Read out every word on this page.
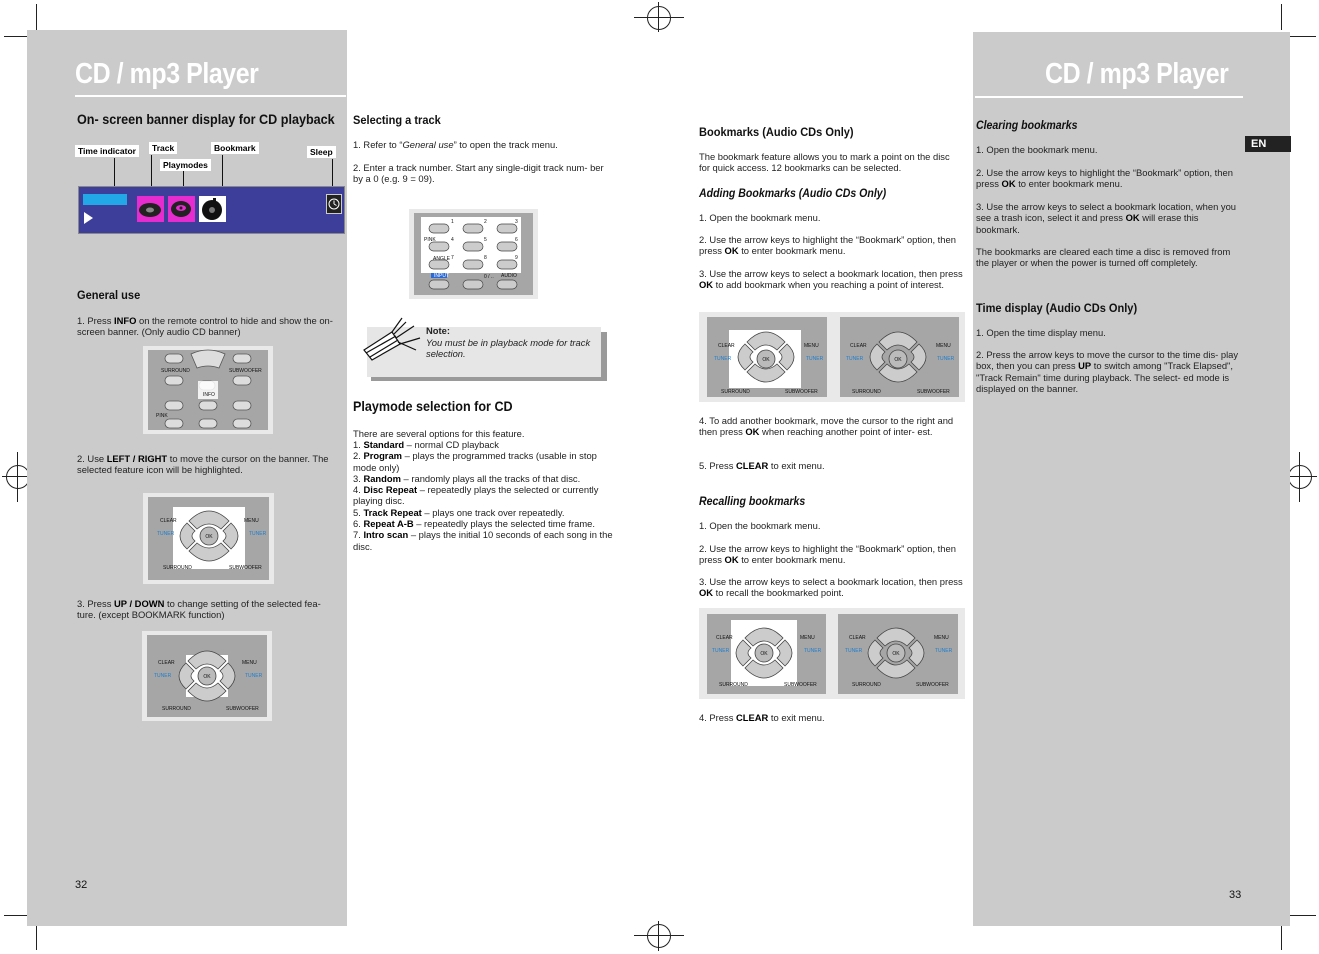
CD / mp3 Player	CD / mp3 Player
On- screen banner display for CD playback
Time indicator	Track
Playmodes
Bookmark	Sleep
General use
1. Press INFO on the remote control to hide and show the on- screen banner. (Only audio CD banner)
SURROUND	SUBWOOFER
INFO
PINK
2. Use LEFT / RIGHT to move the cursor on the banner. The selected feature icon will be highlighted.
OK
CLEAR	MENU
TUNER	TUNER
SURROUND	SUBWOOFER
3. Press UP / DOWN to change setting of the selected fea- ture. (except BOOKMARK function)
OK
CLEAR	MENU
TUNER	TUNER
SURROUND	SUBWOOFER
32
Selecting a track
1. Refer to “General use” to open the track menu.
2. Enter a track number. Start any single-digit track num- ber by a 0 (e.g. 9 = 09).
1	2	3
4	5	6
7	8	9
0 / ..
PINK
ANGLE
INPUT	AUDIO
Note:
You must be in playback mode for track selection.
Playmode selection for CD
There are several options for this feature.
1. Standard – normal CD playback
2. Program – plays the programmed tracks (usable in stop mode only)
3. Random – randomly plays all the tracks of that disc.
4. Disc Repeat – repeatedly plays the selected or currently playing disc.
5. Track Repeat – plays one track over repeatedly.
6. Repeat A-B – repeatedly plays the selected time frame.
7. Intro scan – plays the initial 10 seconds of each song in the disc.
Bookmarks (Audio CDs Only)
The bookmark feature allows you to mark a point on the disc for quick access. 12 bookmarks can be selected.
Adding Bookmarks (Audio CDs Only)
1. Open the bookmark menu.
2. Use the arrow keys to highlight the “Bookmark” option, then press OK to enter bookmark menu.
3. Use the arrow keys to select a bookmark location, then press OK to add bookmark when you reaching a point of interest.
OK	OK
CLEAR	MENU
TUNER	TUNER
SURROUND	SUBWOOFER
CLEAR	MENU
TUNER	TUNER
SURROUND	SUBWOOFER
4. To add another bookmark, move the cursor to the right and then press OK when reaching another point of inter- est.
5. Press CLEAR to exit menu.
Recalling bookmarks
1. Open the bookmark menu.
2. Use the arrow keys to highlight the “Bookmark” option, then press OK to enter bookmark menu.
3. Use the arrow keys to select a bookmark location, then press OK to recall the bookmarked point.
OK	OK
CLEAR	MENU
TUNER	TUNER
SURROUND	SUBWOOFER
CLEAR	MENU
TUNER	TUNER
SURROUND	SUBWOOFER
4. Press CLEAR to exit menu.
EN
Clearing bookmarks
1. Open the bookmark menu.
2. Use the arrow keys to highlight the “Bookmark” option, then press OK to enter bookmark menu.
3. Use the arrow keys to select a bookmark location, when you see a trash icon, select it and press OK will erase this bookmark.
The bookmarks are cleared each time a disc is removed from the player or when the power is turned off completely.
Time display (Audio CDs Only)
1. Open the time display menu.
2. Press the arrow keys to move the cursor to the time dis- play box, then you can press UP to switch among "Track Elapsed", "Track Remain" time during playback. The select- ed mode is displayed on the banner.
33
